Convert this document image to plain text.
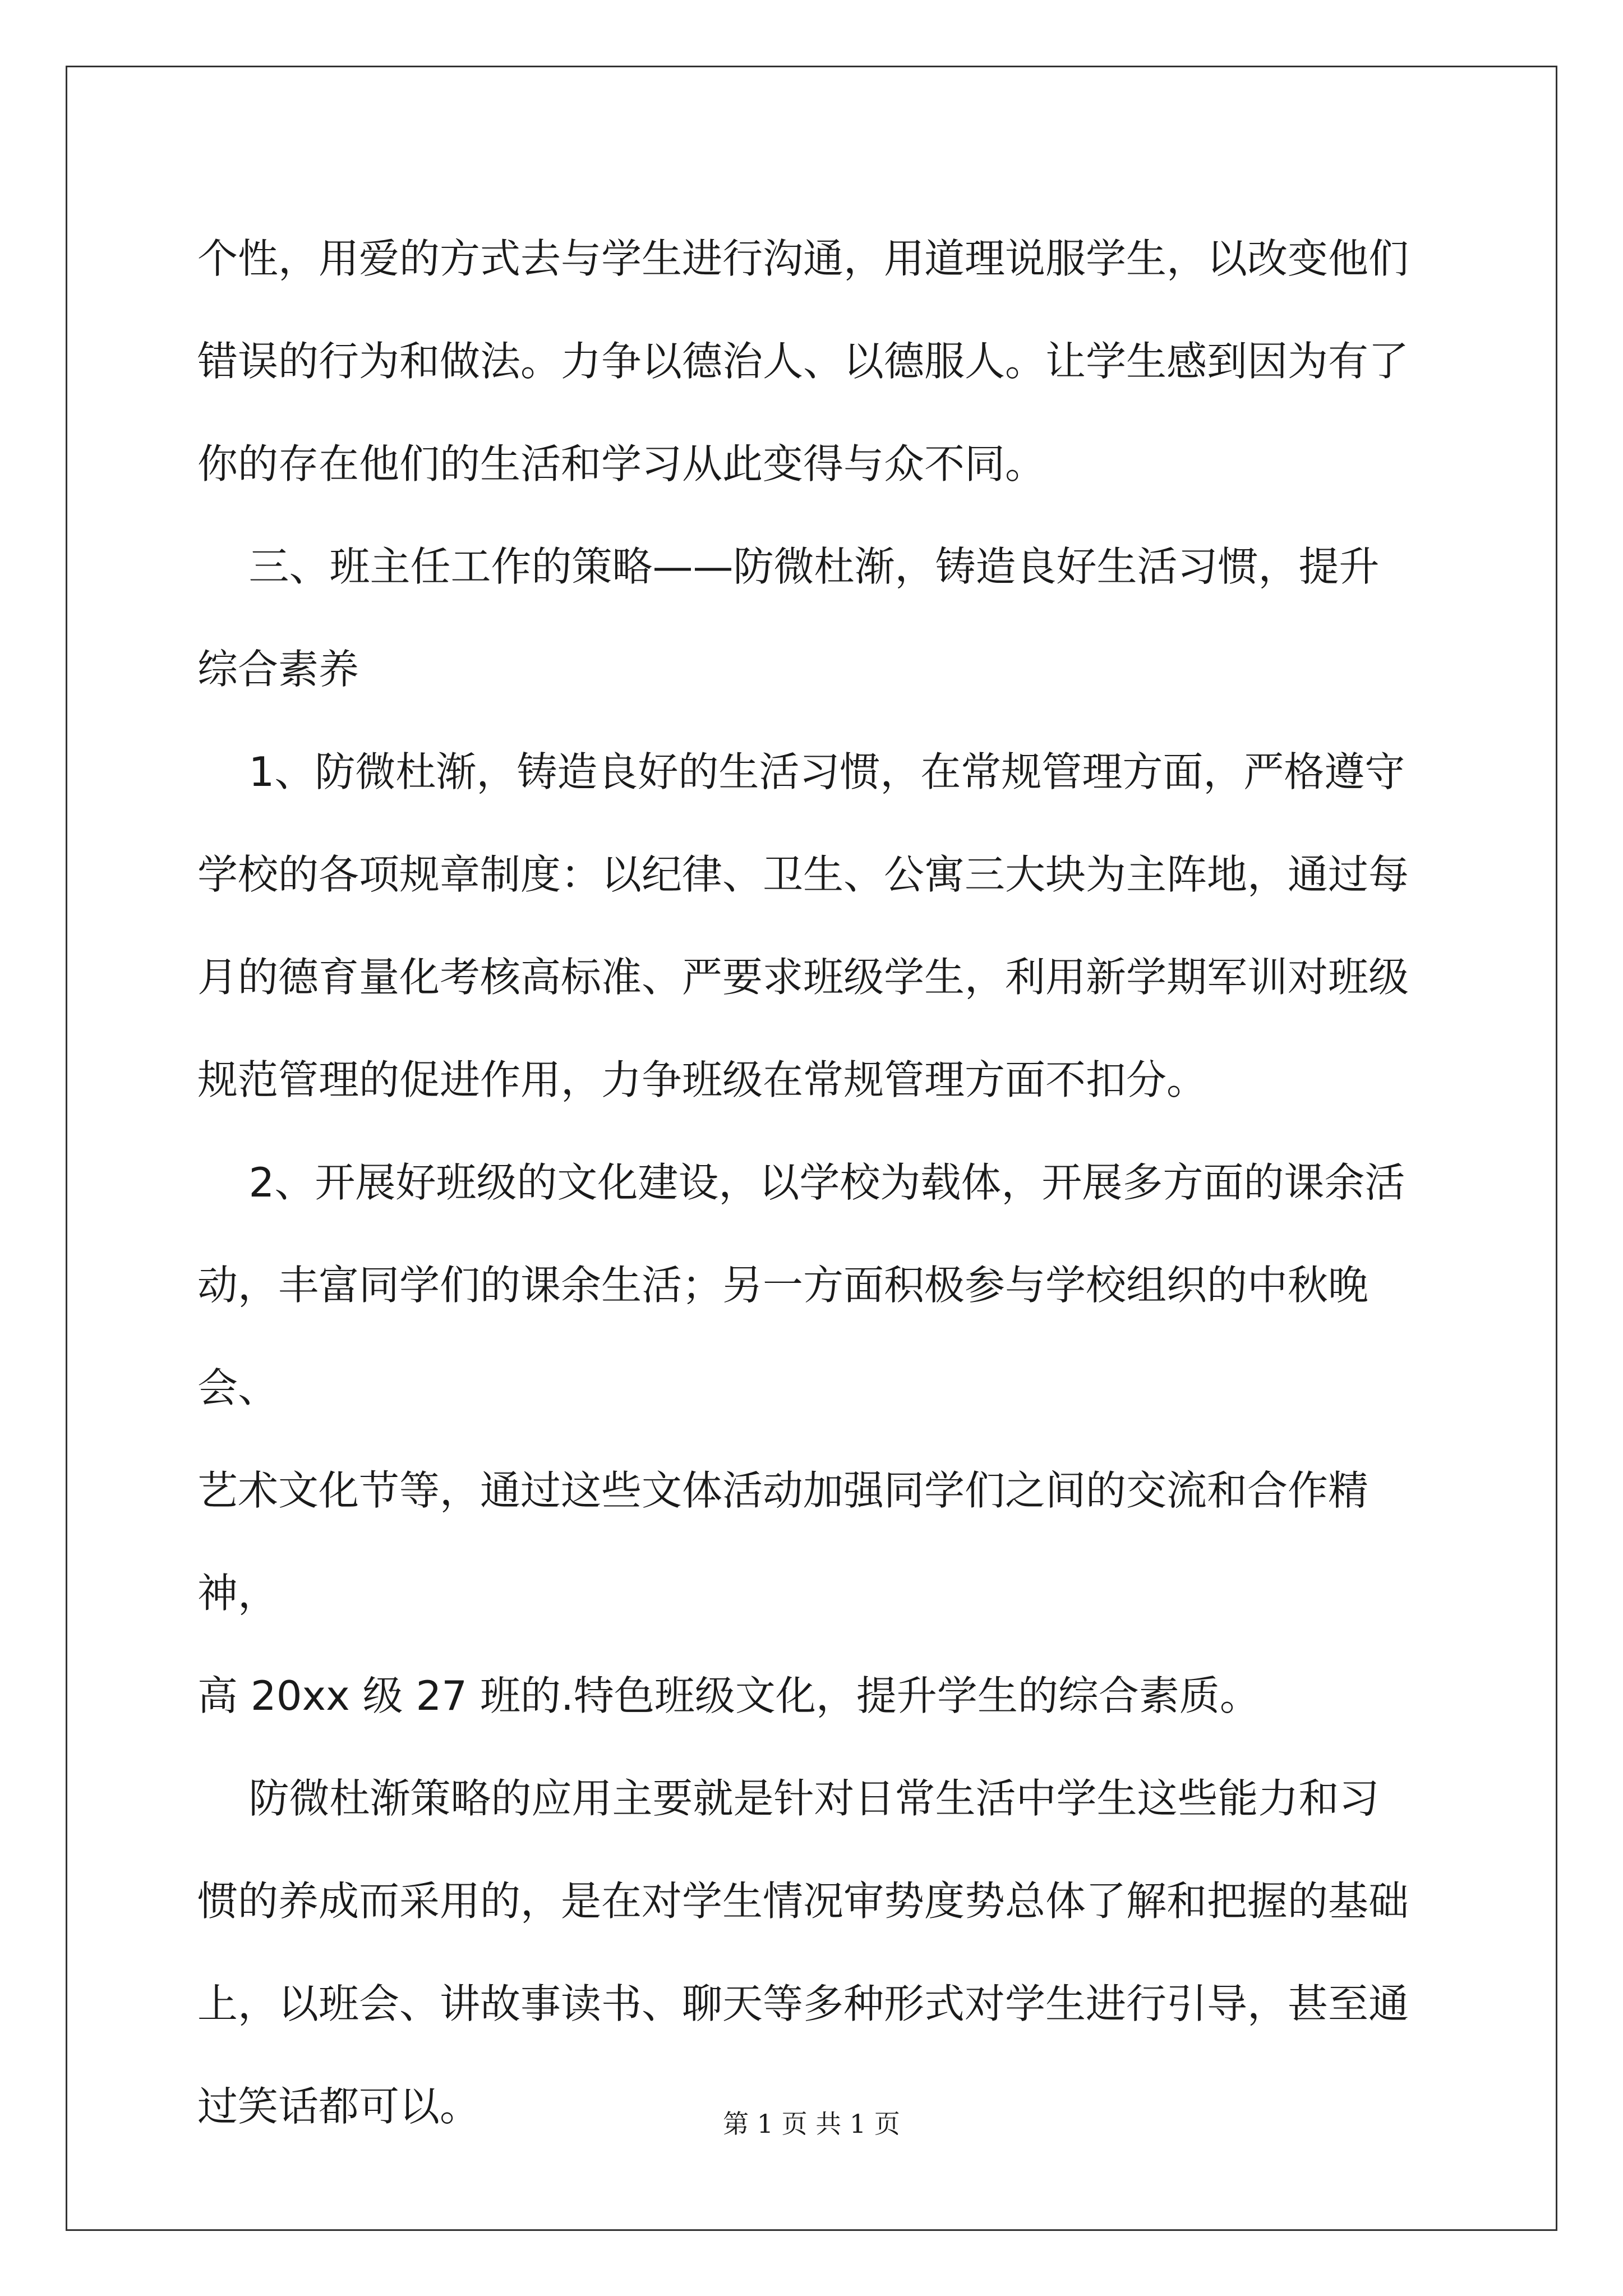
个性，用爱的方式去与学生进行沟通，用道理说服学生，以改变他们
错误的行为和做法。力争以德治人、以德服人。让学生感到因为有了
你的存在他们的生活和学习从此变得与众不同。

三、班主任工作的策略——防微杜渐，铸造良好生活习惯，提升
综合素养

1、防微杜渐，铸造良好的生活习惯，在常规管理方面，严格遵守
学校的各项规章制度：以纪律、卫生、公寓三大块为主阵地，通过每
月的德育量化考核高标准、严要求班级学生，利用新学期军训对班级
规范管理的促进作用，力争班级在常规管理方面不扣分。

2、开展好班级的文化建设，以学校为载体，开展多方面的课余活
动，丰富同学们的课余生活；另一方面积极参与学校组织的中秋晚会、
艺术文化节等，通过这些文体活动加强同学们之间的交流和合作精神，
高 20xx 级 27 班的.特色班级文化，提升学生的综合素质。

防微杜渐策略的应用主要就是针对日常生活中学生这些能力和习
惯的养成而采用的，是在对学生情况审势度势总体了解和把握的基础
上，以班会、讲故事读书、聊天等多种形式对学生进行引导，甚至通
过笑话都可以。	第 1 页 共 1 页
